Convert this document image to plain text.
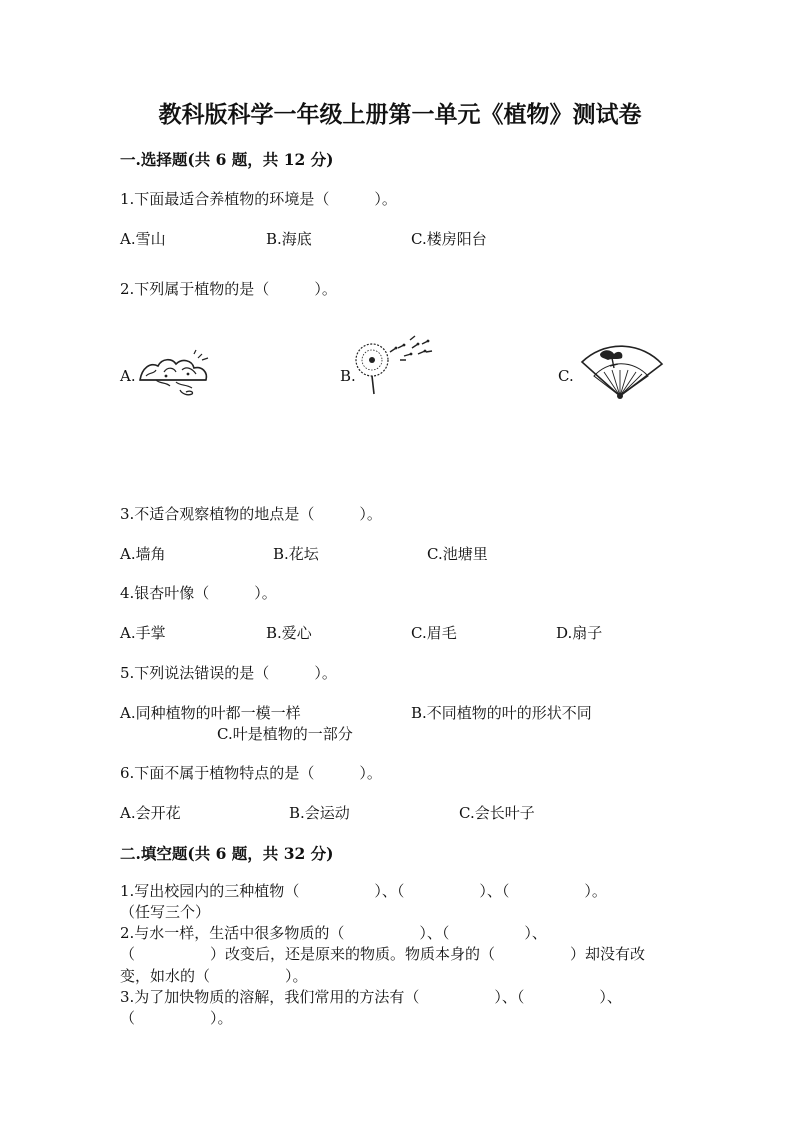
教科版科学一年级上册第一单元《植物》测试卷
一.选择题(共 6 题，共 12 分)
1.下面最适合养植物的环境是（　　　）。
A.雪山	B.海底	C.楼房阳台
2.下列属于植物的是（　　　）。
A.	B.	C.
3.不适合观察植物的地点是（　　　）。
A.墙角	B.花坛	C.池塘里
4.银杏叶像（　　　）。
A.手掌	B.爱心	C.眉毛	D.扇子
5.下列说法错误的是（　　　）。
A.同种植物的叶都一模一样	B.不同植物的叶的形状不同
C.叶是植物的一部分
6.下面不属于植物特点的是（　　　）。
A.会开花	B.会运动	C.会长叶子
二.填空题(共 6 题，共 32 分)
1.写出校园内的三种植物（　　　　　）、（　　　　　）、（　　　　　）。
（任写三个）
2.与水一样，生活中很多物质的（　　　　　）、（　　　　　）、
（　　　　　）改变后，还是原来的物质。物质本身的（　　　　　）却没有改
变，如水的（　　　　　）。
3.为了加快物质的溶解，我们常用的方法有（　　　　　）、（　　　　　）、
（　　　　　）。
